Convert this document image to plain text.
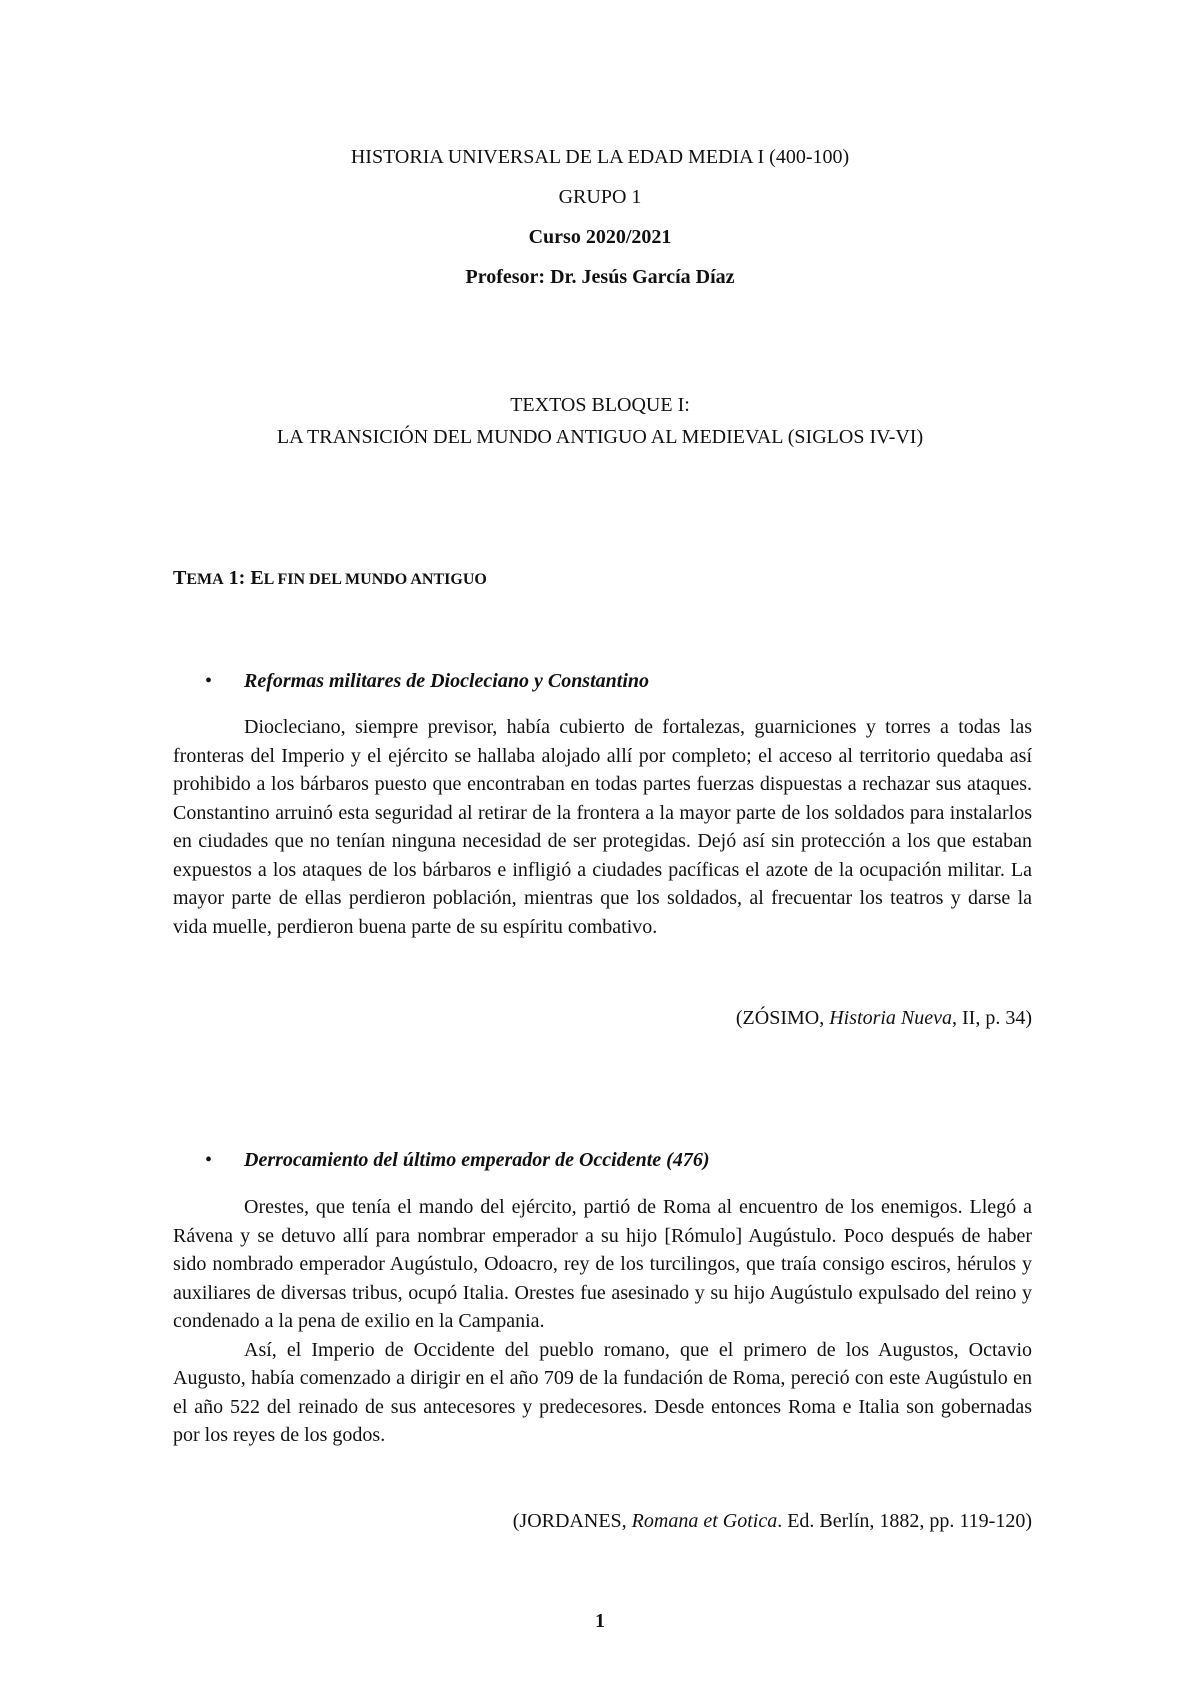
HISTORIA UNIVERSAL DE LA EDAD MEDIA I (400-100)
GRUPO 1
Curso 2020/2021
Profesor: Dr. Jesús García Díaz
TEXTOS BLOQUE I:
LA TRANSICIÓN DEL MUNDO ANTIGUO AL MEDIEVAL (SIGLOS IV-VI)
TEMA 1: EL FIN DEL MUNDO ANTIGUO
• Reformas militares de Diocleciano y Constantino

Diocleciano, siempre previsor, había cubierto de fortalezas, guarniciones y torres a todas las fronteras del Imperio y el ejército se hallaba alojado allí por completo; el acceso al territorio quedaba así prohibido a los bárbaros puesto que encontraban en todas partes fuerzas dispuestas a rechazar sus ataques. Constantino arruinó esta seguridad al retirar de la frontera a la mayor parte de los soldados para instalarlos en ciudades que no tenían ninguna necesidad de ser protegidas. Dejó así sin protección a los que estaban expuestos a los ataques de los bárbaros e infligió a ciudades pacíficas el azote de la ocupación militar. La mayor parte de ellas perdieron población, mientras que los soldados, al frecuentar los teatros y darse la vida muelle, perdieron buena parte de su espíritu combativo.

(ZÓSIMO, Historia Nueva, II, p. 34)
• Derrocamiento del último emperador de Occidente (476)

Orestes, que tenía el mando del ejército, partió de Roma al encuentro de los enemigos. Llegó a Rávena y se detuvo allí para nombrar emperador a su hijo [Rómulo] Augústulo. Poco después de haber sido nombrado emperador Augústulo, Odoacro, rey de los turcilingos, que traía consigo esciros, hérulos y auxiliares de diversas tribus, ocupó Italia. Orestes fue asesinado y su hijo Augústulo expulsado del reino y condenado a la pena de exilio en la Campania.

Así, el Imperio de Occidente del pueblo romano, que el primero de los Augustos, Octavio Augusto, había comenzado a dirigir en el año 709 de la fundación de Roma, pereció con este Augústulo en el año 522 del reinado de sus antecesores y predecesores. Desde entonces Roma e Italia son gobernadas por los reyes de los godos.

(JORDANES, Romana et Gotica. Ed. Berlín, 1882, pp. 119-120)
1
